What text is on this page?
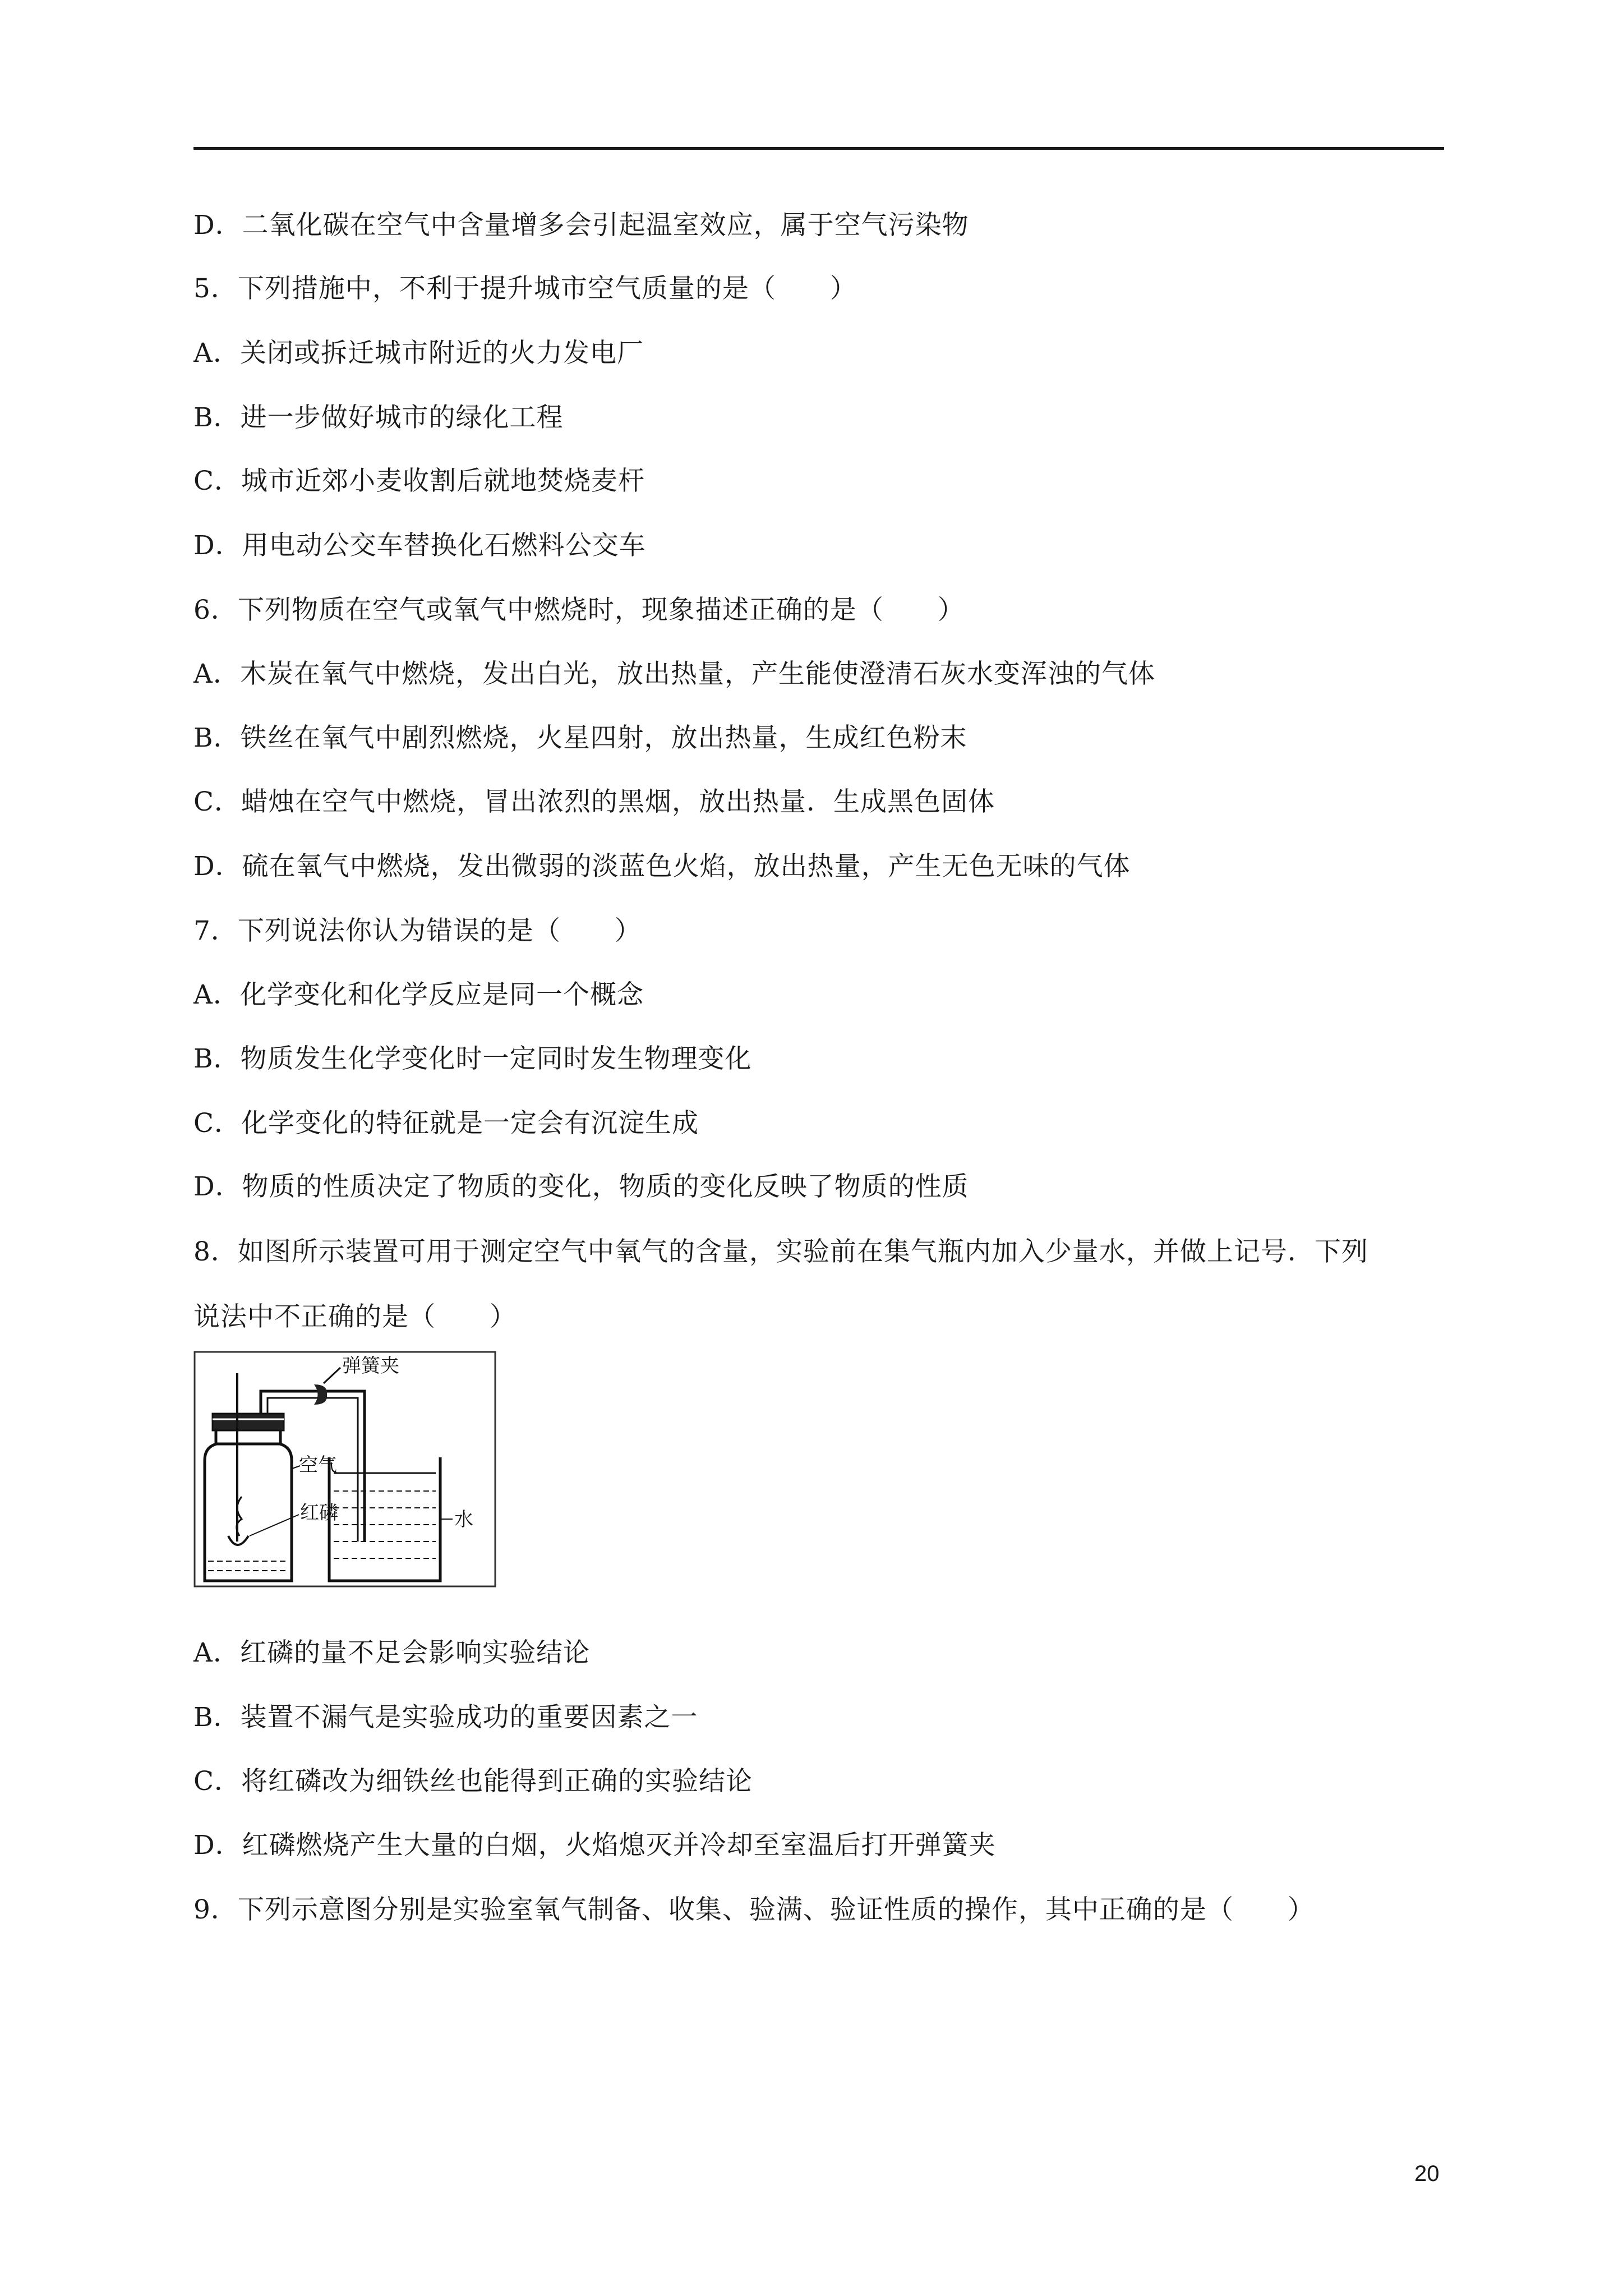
D．二氧化碳在空气中含量增多会引起温室效应，属于空气污染物
5．下列措施中，不利于提升城市空气质量的是（　　）
A．关闭或拆迁城市附近的火力发电厂
B．进一步做好城市的绿化工程
C．城市近郊小麦收割后就地焚烧麦杆
D．用电动公交车替换化石燃料公交车
6．下列物质在空气或氧气中燃烧时，现象描述正确的是（　　）
A．木炭在氧气中燃烧，发出白光，放出热量，产生能使澄清石灰水变浑浊的气体
B．铁丝在氧气中剧烈燃烧，火星四射，放出热量，生成红色粉末
C．蜡烛在空气中燃烧，冒出浓烈的黑烟，放出热量．生成黑色固体
D．硫在氧气中燃烧，发出微弱的淡蓝色火焰，放出热量，产生无色无味的气体
7．下列说法你认为错误的是（　　）
A．化学变化和化学反应是同一个概念
B．物质发生化学变化时一定同时发生物理变化
C．化学变化的特征就是一定会有沉淀生成
D．物质的性质决定了物质的变化，物质的变化反映了物质的性质
8．如图所示装置可用于测定空气中氧气的含量，实验前在集气瓶内加入少量水，并做上记号．下列
说法中不正确的是（　　）
弹簧夹
空气
红磷	水
A．红磷的量不足会影响实验结论
B．装置不漏气是实验成功的重要因素之一
C．将红磷改为细铁丝也能得到正确的实验结论
D．红磷燃烧产生大量的白烟，火焰熄灭并冷却至室温后打开弹簧夹
9．下列示意图分别是实验室氧气制备、收集、验满、验证性质的操作，其中正确的是（　　）
20
